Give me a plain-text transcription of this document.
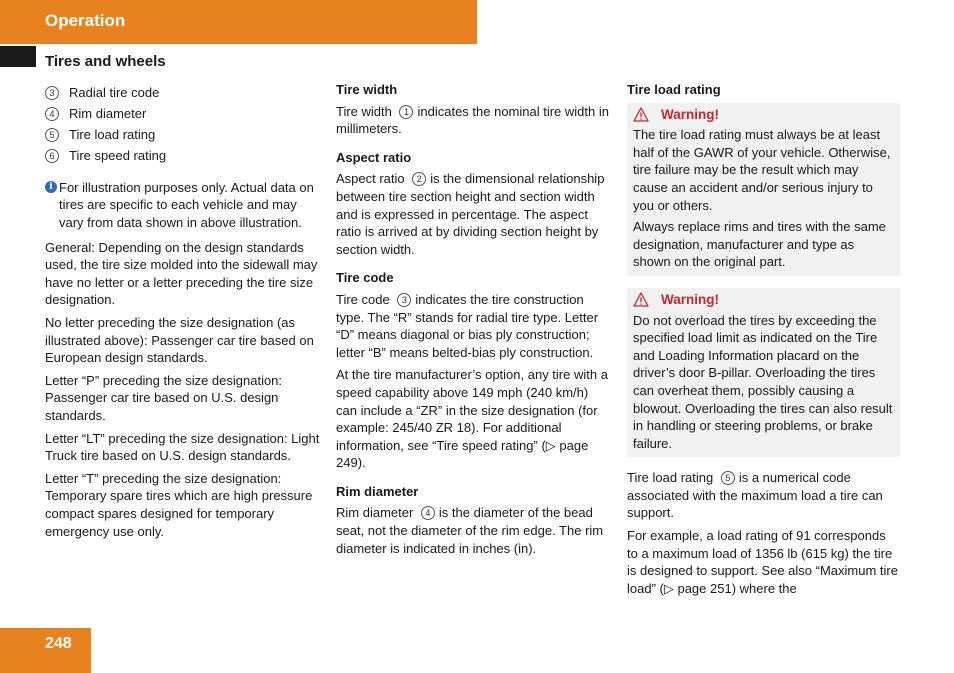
Operation
Tires and wheels
3	Radial tire code
4	Rim diameter
5	Tire load rating
6	Tire speed rating
i For illustration purposes only. Actual data on tires are specific to each vehicle and may vary from data shown in above illustration.

General: Depending on the design standards used, the tire size molded into the sidewall may have no letter or a letter preceding the tire size designation.

No letter preceding the size designation (as illustrated above): Passenger car tire based on European design standards.

Letter “P” preceding the size designation: Passenger car tire based on U.S. design standards.

Letter “LT” preceding the size designation: Light Truck tire based on U.S. design standards.

Letter “T” preceding the size designation: Temporary spare tires which are high pressure compact spares designed for temporary emergency use only.

Tire width

Tire width 1 indicates the nominal tire width in millimeters.

Aspect ratio

Aspect ratio 2 is the dimensional relationship between tire section height and section width and is expressed in percentage. The aspect ratio is arrived at by dividing section height by section width.

Tire code

Tire code 3 indicates the tire construction type. The “R” stands for radial tire type. Letter “D” means diagonal or bias ply construction; letter “B” means belted-bias ply construction.

At the tire manufacturer’s option, any tire with a speed capability above 149 mph (240 km/h) can include a “ZR” in the size designation (for example: 245/40 ZR 18). For additional information, see “Tire speed rating” (▷ page 249).

Rim diameter

Rim diameter 4 is the diameter of the bead seat, not the diameter of the rim edge. The rim diameter is indicated in inches (in).

Tire load rating
Warning!

The tire load rating must always be at least half of the GAWR of your vehicle. Otherwise, tire failure may be the result which may cause an accident and/or serious injury to you or others.

Always replace rims and tires with the same designation, manufacturer and type as shown on the original part.

Warning!

Do not overload the tires by exceeding the specified load limit as indicated on the Tire and Loading Information placard on the driver’s door B-pillar. Overloading the tires can overheat them, possibly causing a blowout. Overloading the tires can also result in handling or steering problems, or brake failure.

Tire load rating 5 is a numerical code associated with the maximum load a tire can support.

For example, a load rating of 91 corresponds to a maximum load of 1356 lb (615 kg) the tire is designed to support. See also “Maximum tire load” (▷ page 251) where the

248
